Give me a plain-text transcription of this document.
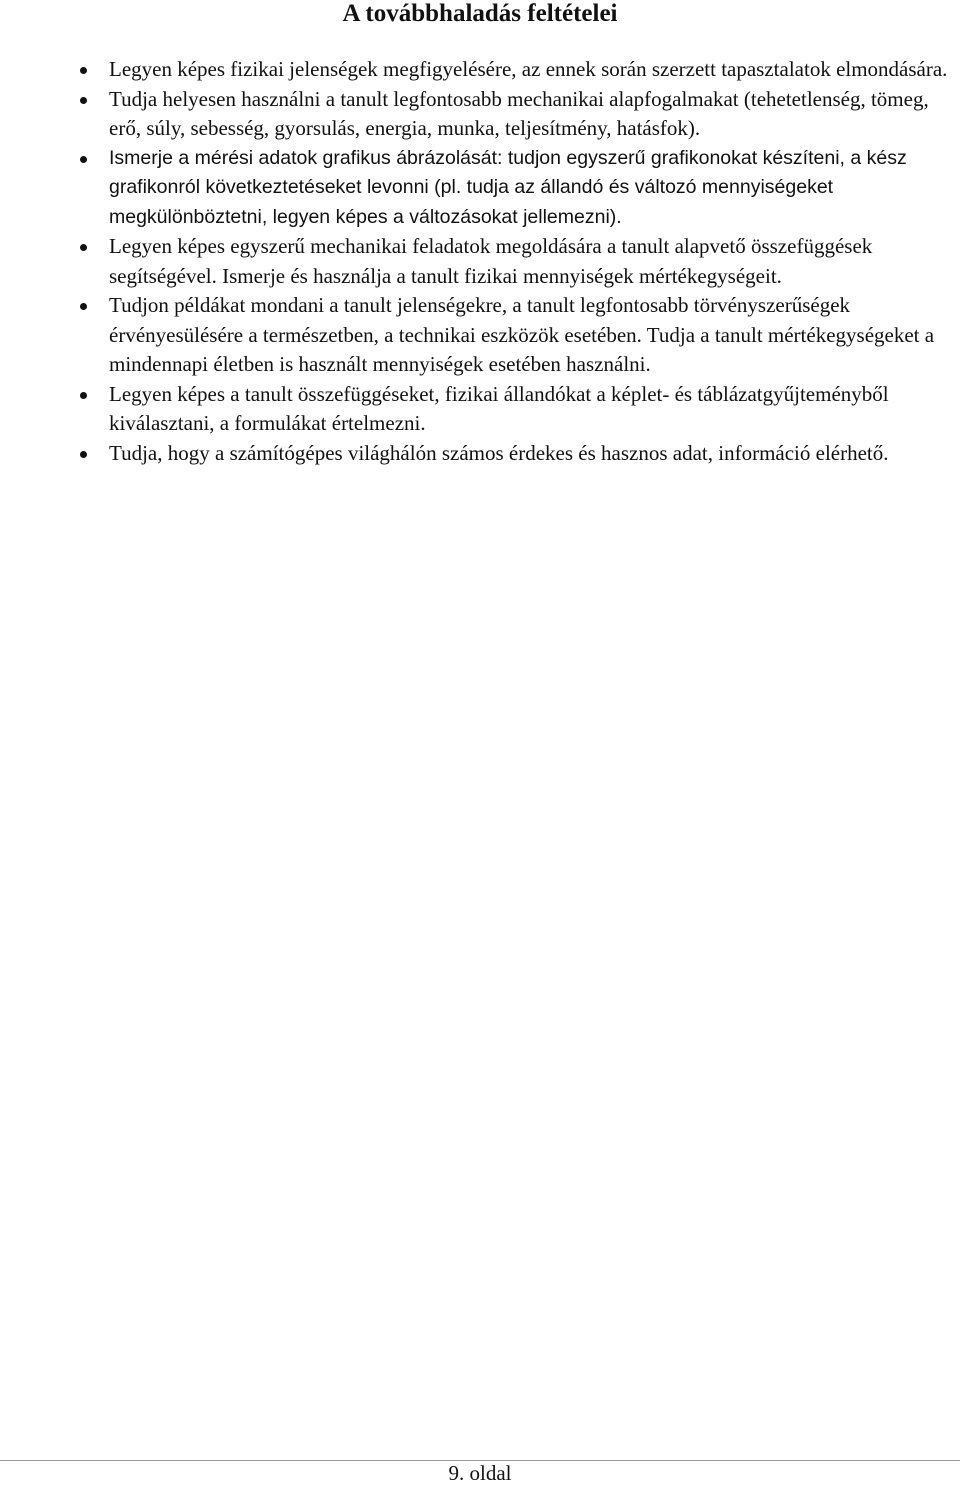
A továbbhaladás feltételei
Legyen képes fizikai jelenségek megfigyelésére, az ennek során szerzett tapasztalatok elmondására.
Tudja helyesen használni a tanult legfontosabb mechanikai alapfogalmakat (tehetetlenség, tömeg, erő, súly, sebesség, gyorsulás, energia, munka, teljesítmény, hatásfok).
Ismerje a mérési adatok grafikus ábrázolását: tudjon egyszerű grafikonokat készíteni, a kész grafikonról következtetéseket levonni (pl. tudja az állandó és változó mennyiségeket megkülönböztetni, legyen képes a változásokat jellemezni).
Legyen képes egyszerű mechanikai feladatok megoldására a tanult alapvető összefüggések segítségével. Ismerje és használja a tanult fizikai mennyiségek mértékegységeit.
Tudjon példákat mondani a tanult jelenségekre, a tanult legfontosabb törvényszerűségek érvényesülésére a természetben, a technikai eszközök esetében. Tudja a tanult mértékegységeket a mindennapi életben is használt mennyiségek esetében használni.
Legyen képes a tanult összefüggéseket, fizikai állandókat a képlet- és táblázatgyűjteményből kiválasztani, a formulákat értelmezni.
Tudja, hogy a számítógépes világhálón számos érdekes és hasznos adat, információ elérhető.
9. oldal
